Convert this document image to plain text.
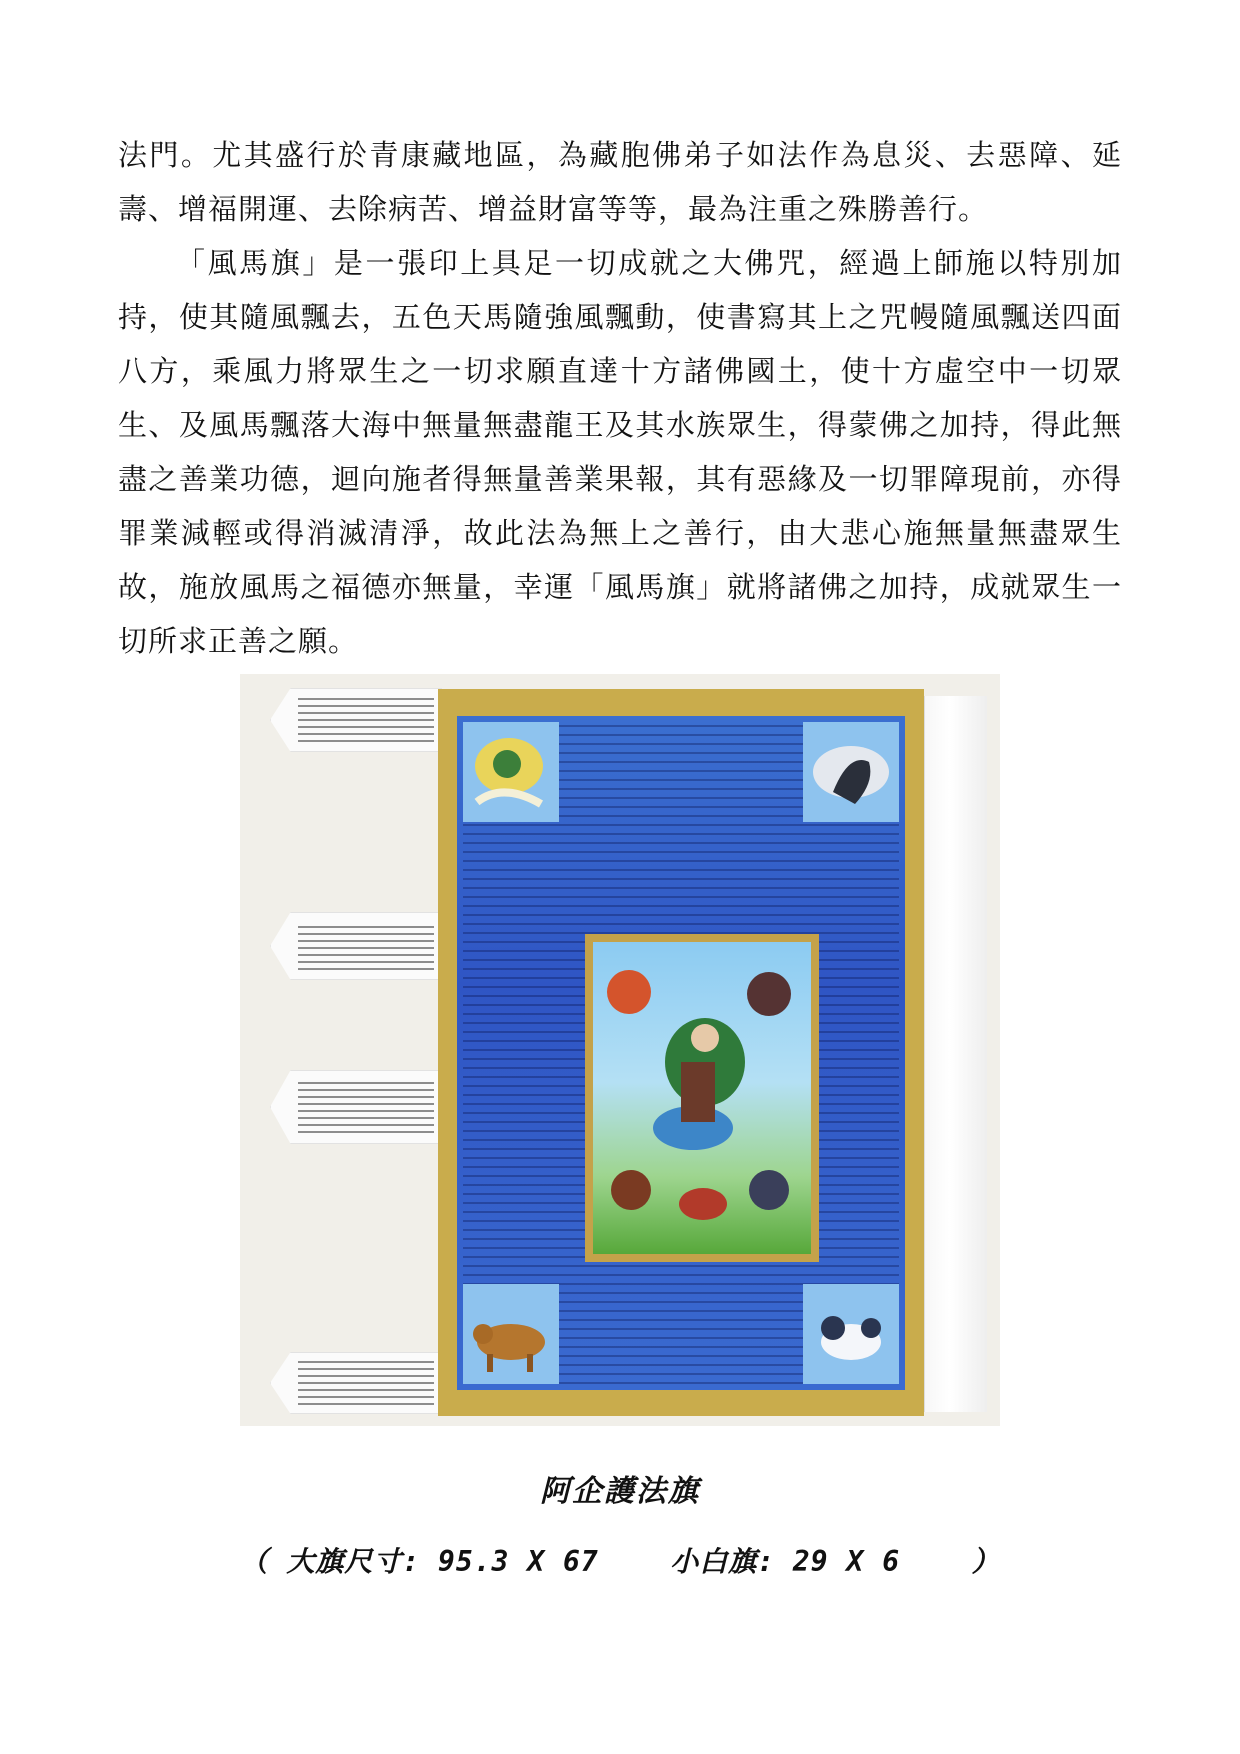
法門。尤其盛行於青康藏地區，為藏胞佛弟子如法作為息災、去惡障、延壽、增福開運、去除病苦、增益財富等等，最為注重之殊勝善行。

「風馬旗」是一張印上具足一切成就之大佛咒，經過上師施以特別加持，使其隨風飄去，五色天馬隨強風飄動，使書寫其上之咒幔隨風飄送四面八方，乘風力將眾生之一切求願直達十方諸佛國土，使十方虛空中一切眾生、及風馬飄落大海中無量無盡龍王及其水族眾生，得蒙佛之加持，得此無盡之善業功德，迴向施者得無量善業果報，其有惡緣及一切罪障現前，亦得罪業減輕或得消滅清淨，故此法為無上之善行，由大悲心施無量無盡眾生故，施放風馬之福德亦無量，幸運「風馬旗」就將諸佛之加持，成就眾生一切所求正善之願。

阿企護法旗

（ 大旗尺寸: 95.3 X 67    小白旗: 29 X 6    ）
